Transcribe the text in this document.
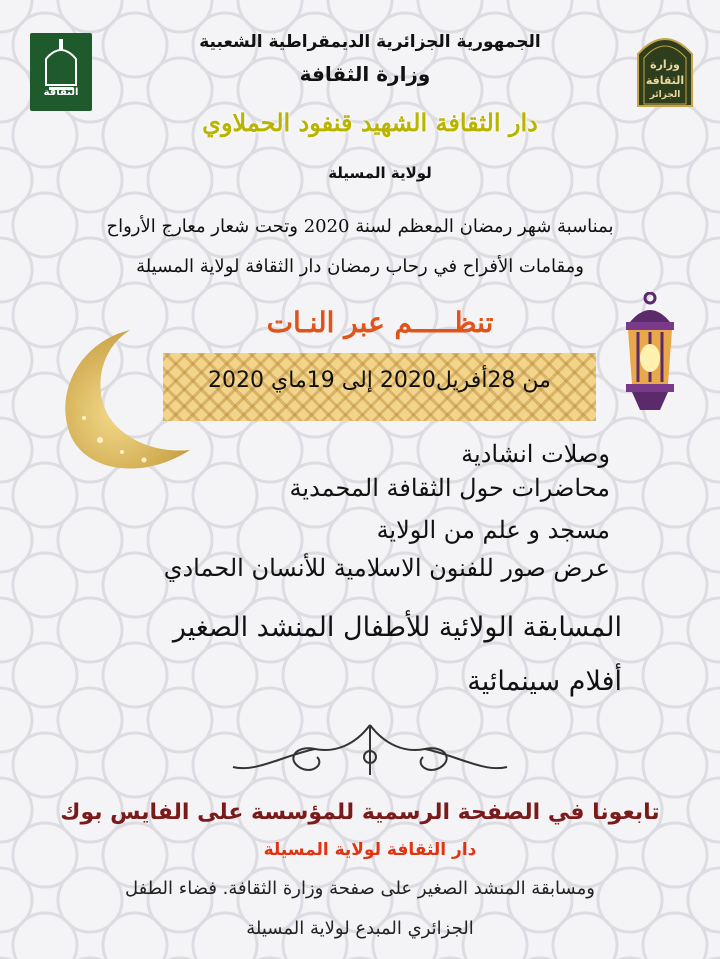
الثقافة
وزارة
الثقافة
الجزائر
الجمهورية الجزائرية الديمقراطية الشعبية
وزارة الثقافة
دار الثقافة الشهيد قنفود الحملاوي
لولاية المسيلة
بمناسبة شهر رمضان المعظم لسنة 2020 وتحت شعار معارج الأرواح
ومقامات الأفراح في رحاب رمضان دار الثقافة لولاية المسيلة
تنظـــــم عبر النـات
من 28أفريل2020 إلى 19ماي 2020
وصلات انشادية
محاضرات حول الثقافة المحمدية
مسجد و علم من الولاية
عرض صور للفنون الاسلامية للأنسان الحمادي
المسابقة الولائية للأطفال المنشد الصغير
أفلام سينمائية
تابعونا في الصفحة الرسمية للمؤسسة على الفايس بوك
دار الثقافة لولاية المسيلة
ومسابقة المنشد الصغير على صفحة وزارة الثقافة. فضاء الطفل
الجزائري المبدع لولاية المسيلة
